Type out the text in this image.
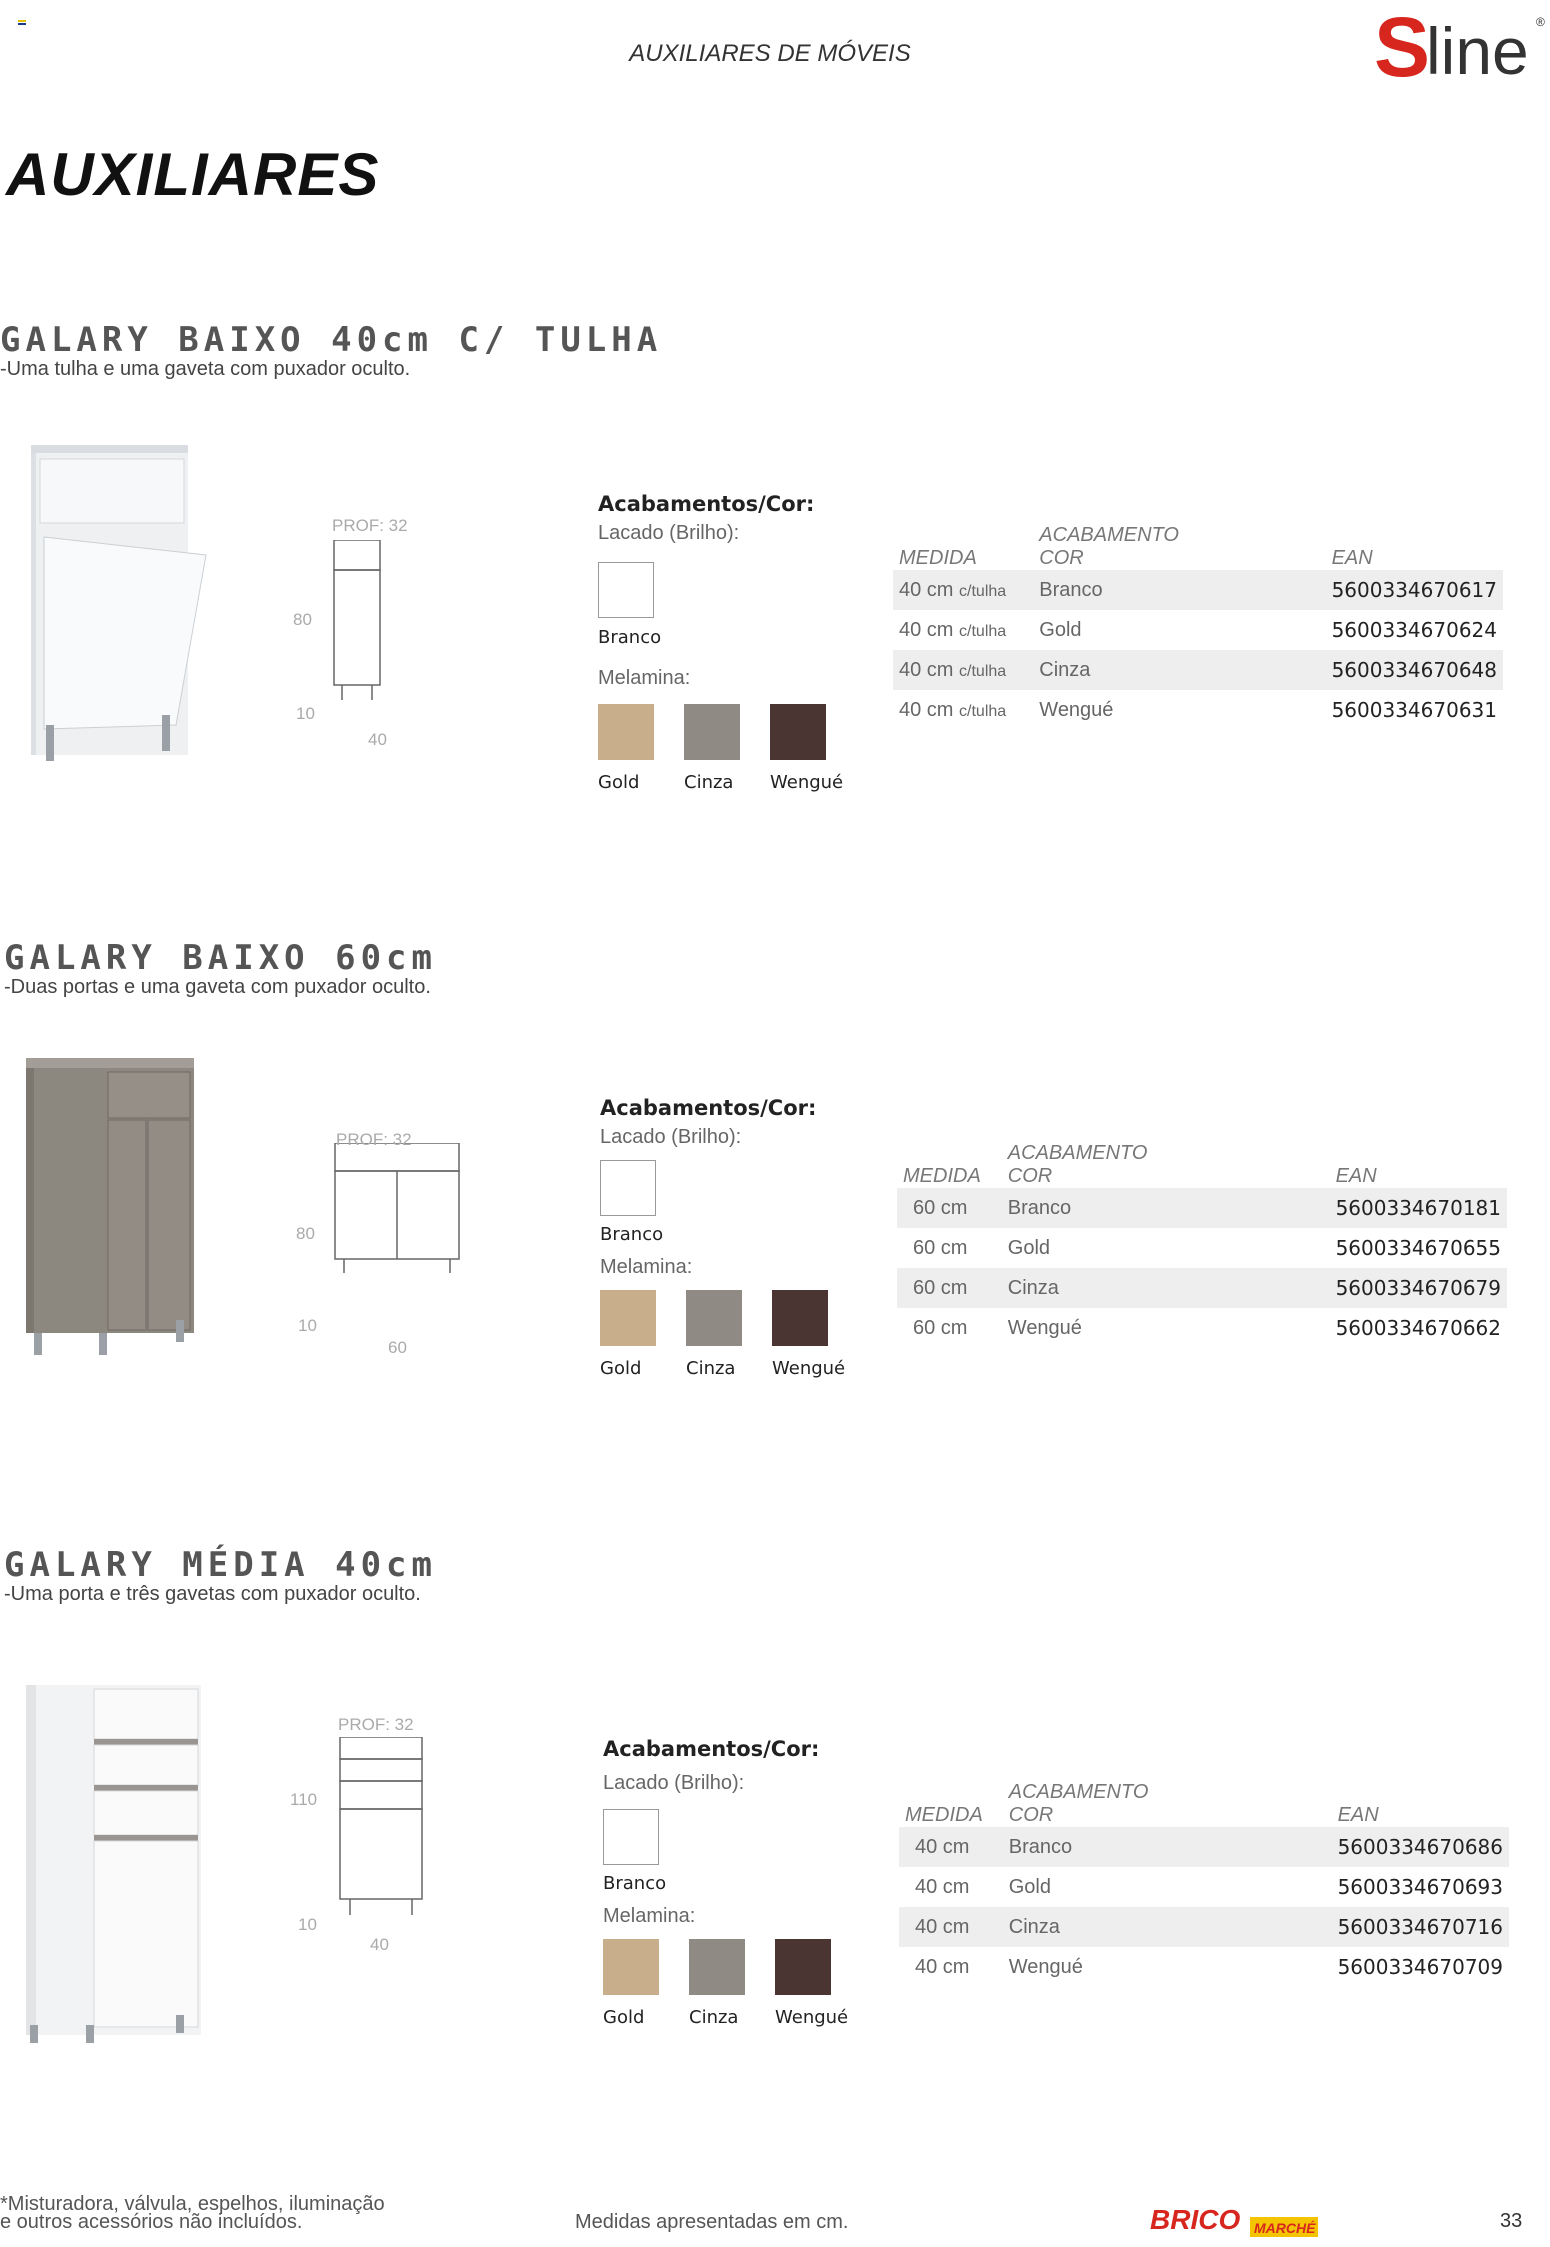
AUXILIARES DE MÓVEIS	S
line ®
AUXILIARES
GALARY BAIXO 40cm C/ TULHA
-Uma tulha e uma gaveta com puxador oculto.
PROF: 32
80
10
40
Acabamentos/Cor:
Lacado (Brilho):
Branco
Melamina:
Gold Cinza Wengué
MEDIDA	ACABAMENTO
COR	EAN
40 cm c/tulha	Branco	5600334670617
40 cm c/tulha	Gold	5600334670624
40 cm c/tulha	Cinza	5600334670648
40 cm c/tulha	Wengué	5600334670631
GALARY BAIXO 60cm
-Duas portas e uma gaveta com puxador oculto.
PROF: 32
80
10
60
Acabamentos/Cor:
Lacado (Brilho):
Branco
Melamina:
Gold Cinza Wengué
MEDIDA	ACABAMENTO
COR	EAN
60 cm	Branco	5600334670181
60 cm	Gold	5600334670655
60 cm	Cinza	5600334670679
60 cm	Wengué	5600334670662
GALARY MÉDIA 40cm
-Uma porta e três gavetas com puxador oculto.
PROF: 32
110
10
40
Acabamentos/Cor:
Lacado (Brilho):
Branco
Melamina:
Gold Cinza Wengué
MEDIDA	ACABAMENTO
COR	EAN
40 cm	Branco	5600334670686
40 cm	Gold	5600334670693
40 cm	Cinza	5600334670716
40 cm	Wengué	5600334670709
*Misturadora, válvula, espelhos, iluminação
e outros acessórios não incluídos.	Medidas apresentadas em cm.	BRICO MARCHÉ	33
